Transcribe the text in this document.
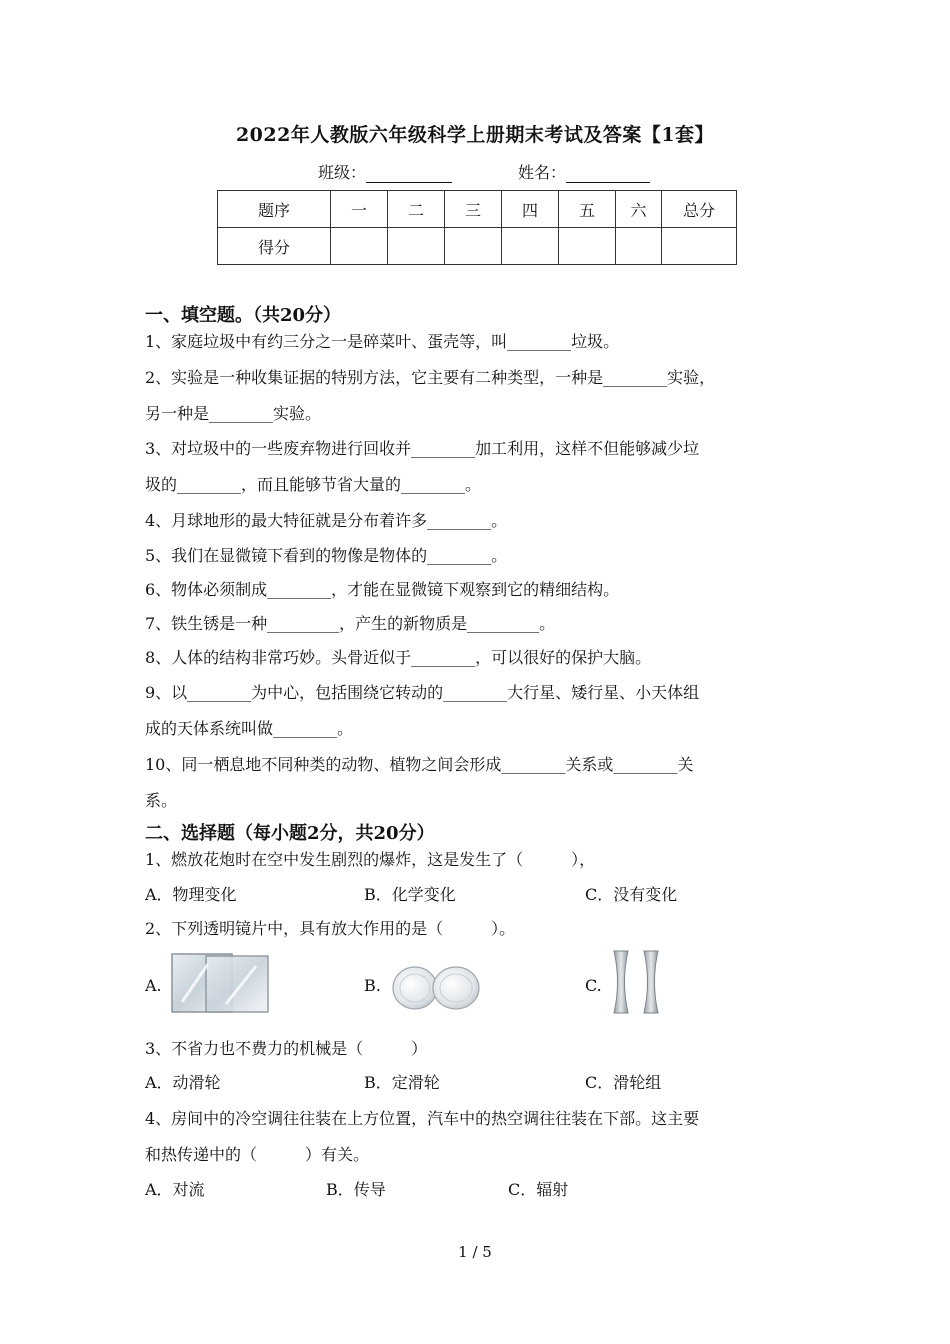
2022年人教版六年级科学上册期末考试及答案【1套】
班级：	姓名：
题序	一	二	三	四	五	六	总分
得分							
一、填空题。（共20分）
1、家庭垃圾中有约三分之一是碎菜叶、蛋壳等，叫________垃圾。
2、实验是一种收集证据的特别方法，它主要有二种类型，一种是________实验，
另一种是________实验。
3、对垃圾中的一些废弃物进行回收并________加工利用，这样不但能够减少垃
圾的________，而且能够节省大量的________。
4、月球地形的最大特征就是分布着许多________。
5、我们在显微镜下看到的物像是物体的________。
6、物体必须制成________，才能在显微镜下观察到它的精细结构。
7、铁生锈是一种_________，产生的新物质是_________。
8、人体的结构非常巧妙。头骨近似于________，可以很好的保护大脑。
9、以________为中心，包括围绕它转动的________大行星、矮行星、小天体组
成的天体系统叫做________。
10、同一栖息地不同种类的动物、植物之间会形成________关系或________关
系。
二、选择题（每小题2分，共20分）
1、燃放花炮时在空中发生剧烈的爆炸，这是发生了（　　　），
A．物理变化	B．化学变化	C．没有变化
2、下列透明镜片中，具有放大作用的是（　　　）。
A.	B.	C.
3、不省力也不费力的机械是（　　　）
A．动滑轮	B．定滑轮	C．滑轮组
4、房间中的冷空调往往装在上方位置，汽车中的热空调往往装在下部。这主要
和热传递中的（　　　）有关。
A．对流	B．传导	C．辐射
1 / 5
